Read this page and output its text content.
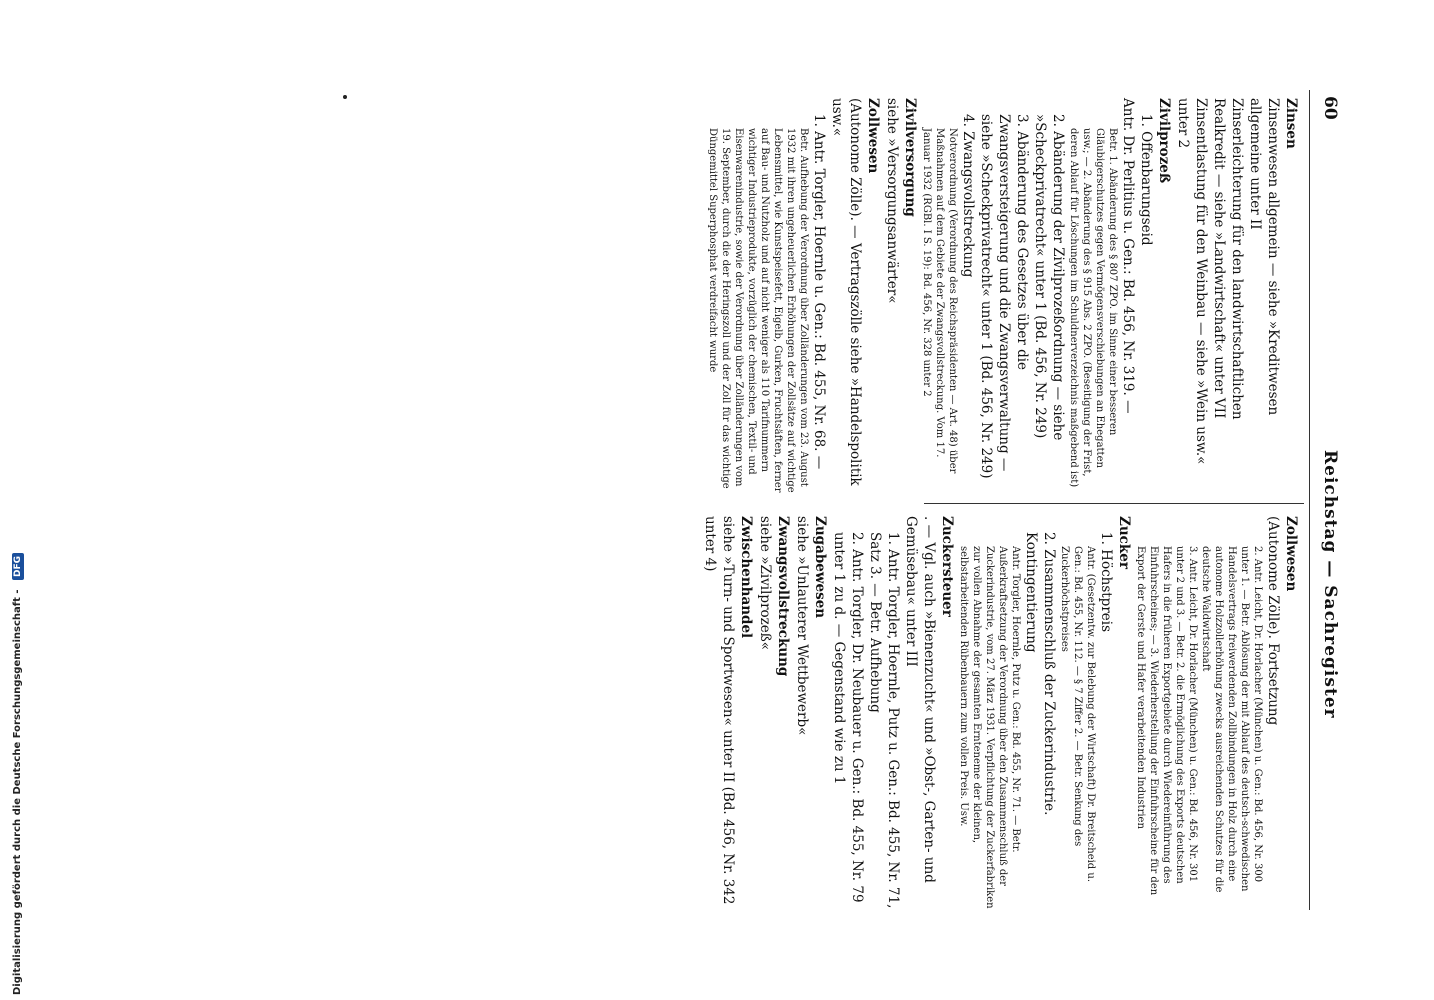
60
Reichstag — Sachregister
Zinsen
Zinsenwesen allgemein — siehe »Kreditwesen allgemeine unter II
Zinserleichterung für den landwirtschaftlichen Realkredit — siehe »Landwirtschaft« unter VII
Zinsentlastung für den Weinbau — siehe »Wein usw.« unter 2
Zivilprozeß
1. Offenbarungseid
Antr. Dr. Perlitius u. Gen.: Bd. 456, Nr. 319. —
Betr. 1. Abänderung des § 807 ZPO. im Sinne einer besseren Gläubigerschutzes gegen Vermögensverschiebungen an Ehegatten usw.; — 2. Abänderung des § 915 Abs. 2 ZPO. (Beseitigung der Frist, deren Ablauf für Löschungen im Schuldnerverzeichnis maßgebend ist)
2. Abänderung der Zivilprozeßordnung — siehe »Scheckprivatrecht« unter 1 (Bd. 456, Nr. 249)
3. Abänderung des Gesetzes über die Zwangsversteigerung und die Zwangsverwaltung — siehe »Scheckprivatrecht« unter 1 (Bd. 456, Nr. 249)
4. Zwangsvollstreckung
Notverordnung (Verordnung des Reichspräsidenten — Art. 48) über Maßnahmen auf dem Gebiete der Zwangsvollstreckung. Vom 17. Januar 1932 (RGBl. I S. 19): Bd. 456, Nr. 328 unter 2
Zivilversorgung
siehe »Versorgungsanwärter«
Zollwesen
(Autonome Zölle). — Vertragszölle siehe »Handelspolitik usw.«
1. Antr. Torgler, Hoernle u. Gen.: Bd. 455, Nr. 68. —
Betr. Aufhebung der Verordnung über Zolländerungen vom 23. August 1932 mit ihren ungeheuerlichen Erhöhungen der Zollsätze auf wichtige Lebensmittel, wie Kunstspeisefett, Eigelb, Gurken, Fruchtsäften, ferner auf Bau- und Nutzholz und auf nicht weniger als 110 Tarifnummern wichtiger Industrieprodukte, vorzüglich der chemischen, Textil- und Eisenwarenindustrie, sowie der Verordnung über Zolländerungen vom 19. September, durch die der Heringszoll und der Zoll für das wichtige Düngemittel Superphosphat verdreifacht wurde
Zollwesen
(Autonome Zölle). Fortsetzung
2. Antr. Leicht, Dr. Horlacher (München) u. Gen.: Bd. 456, Nr. 300 unter 1. — Betr. Ablösung der mit Ablauf des deutsch-schwedischen Handelsvertrags freiwerdenden Zollbindungen in Holz durch eine autonome Holzzollerhöhung zwecks ausreichenden Schutzes für die deutsche Waldwirtschaft
3. Antr. Leicht, Dr. Horlacher (München) u. Gen.: Bd. 456, Nr. 301 unter 2 und 3. — Betr. 2. die Ermöglichung des Exports deutschen Hafers in die früheren Exportgebiete durch Wiedereinführung des Einfuhrscheines; — 3. Wiederherstellung der Einfuhrscheine für den Export der Gerste und Hafer verarbeitenden Industrien
Zucker
1. Höchstpreis
Antr. (Gesetzentw. zur Belebung der Wirtschaft) Dr. Breitscheid u. Gen.: Bd. 455, Nr. 112. — § 7 Ziffer 2. — Betr. Senkung des Zuckerhöchstpreises
2. Zusammenschluß der Zuckerindustrie. Kontingentierung
Antr. Torgler, Hoernle, Putz u. Gen.: Bd. 455, Nr. 71. — Betr. Außerkraftsetzung der Verordnung über den Zusammenschluß der Zuckerindustrie, vom 27. März 1931. Verpflichtung der Zuckerfabriken zur vollen Abnahme der gesamten Ernteneme der kleinen, selbstarbeitenden Rübenbauern zum vollen Preis. Usw.
Zuckersteuer
. — Vgl. auch »Bienenzucht« und »Obst-, Garten- und Gemüsebau« unter III
1. Antr. Torgler, Hoernle, Putz u. Gen.: Bd. 455, Nr. 71, Satz 3. — Betr. Aufhebung
2. Antr. Torgler, Dr. Neubauer u. Gen.: Bd. 455, Nr. 79 unter 1 zu d. — Gegenstand wie zu 1
Zugabewesen
siehe »Unlauterer Wettbewerb«
Zwangsvollstreckung
siehe »Zivilprozeß«
Zwischenhandel
siehe »Turn- und Sportwesen« unter II (Bd. 456, Nr. 342 unter 4)
Digitalisierung gefördert durch die Deutsche Forschungsgemeinschaft - DFG
